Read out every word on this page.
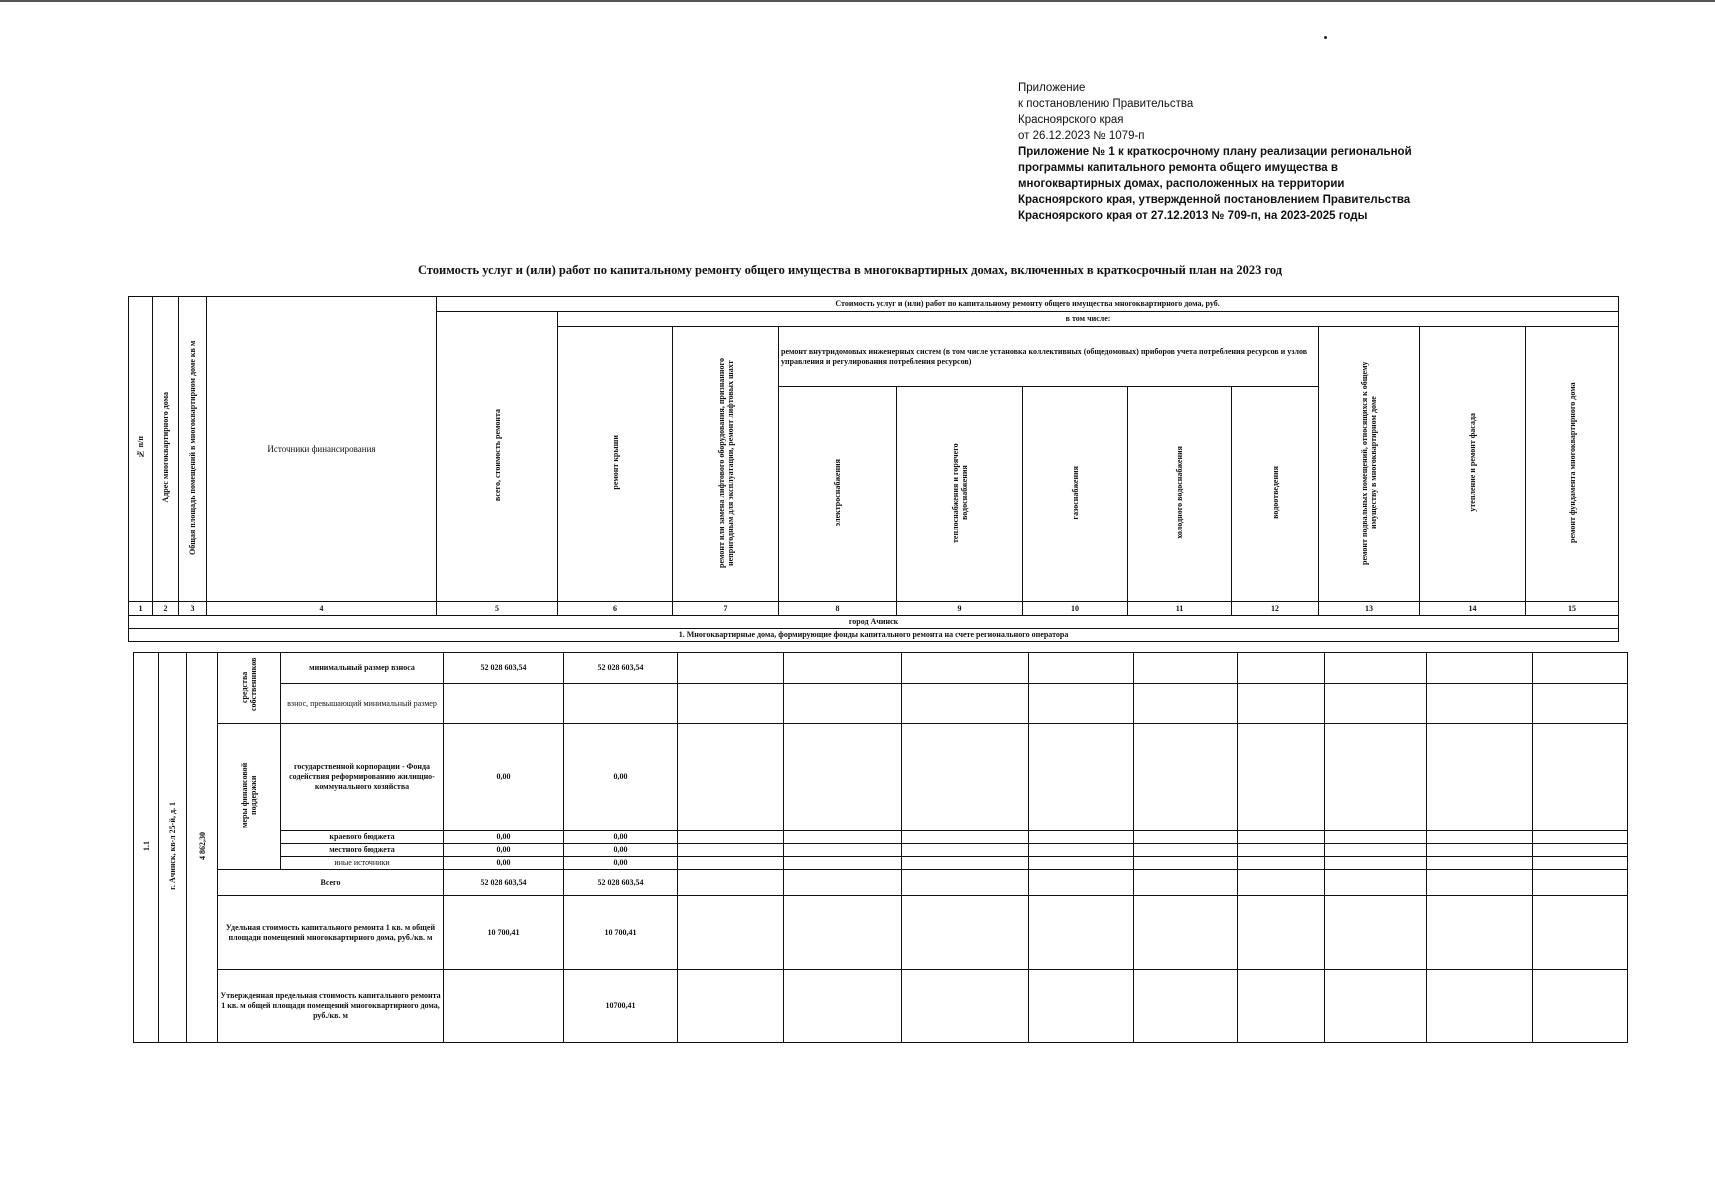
Приложение
к постановлению Правительства
Красноярского края
от 26.12.2023 № 1079-п
Приложение № 1 к краткосрочному плану реализации региональной
программы капитального ремонта общего имущества в
многоквартирных домах, расположенных на территории
Красноярского края, утвержденной постановлением Правительства
Красноярского края от 27.12.2013 № 709-п, на 2023-2025 годы
Стоимость услуг и (или) работ по капитальному ремонту общего имущества в многоквартирных домах, включенных в краткосрочный план на 2023 год
№ п/п	Адрес многоквартирного дома	Общая площадь помещений в многоквартирном доме кв м	Источники финансирования	Стоимость услуг и (или) работ по капитальному ремонту общего имущества многоквартирного дома, руб.										
				всего, стоимость ремонта	в том числе:									
					ремонт крыши	ремонт или замена лифтового оборудования, признанного непригодным для эксплуатации, ремонт лифтовых шахт	ремонт внутридомовых инженерных систем (в том числе установка коллективных (общедомовых) приборов учета потребления ресурсов и узлов управления и регулирования потребления ресурсов)					ремонт подвальных помещений, относящихся к общему имуществу в многоквартирном доме	утепление и ремонт фасада	ремонт фундамента многоквартирного дома
							электроснабжения	теплоснабжения и горячего водоснабжения	газоснабжения	холодного водоснабжения	водоотведения			

1	2	3	4	5	6	7	8	9	10	11	12	13	14	15
город Ачинск														
1. Многоквартирные дома, формирующие фонды капитального ремонта на счете регионального оператора														
1.1	г. Ачинск, кв-л 25-й, д. 1	4 862,30	средства собственников	минимальный размер взноса	52 028 603,54	52 028 603,54										
				взнос, превышающий минимальный размер												
			меры финансовой поддержки	государственной корпорации - Фонда содействия реформированию жилищно-коммунального хозяйства	0,00	0,00										
				краевого бюджета	0,00	0,00										
				местного бюджета	0,00	0,00										
				иные источники	0,00	0,00										
			Всего		52 028 603,54	52 028 603,54										
			Удельная стоимость капитального ремонта 1 кв. м общей площади помещений многоквартирного дома, руб./кв. м		10 700,41	10 700,41										
			Утвержденная предельная стоимость капитального ремонта 1 кв. м общей площади помещений многоквартирного дома, руб./кв. м			10700,41										
